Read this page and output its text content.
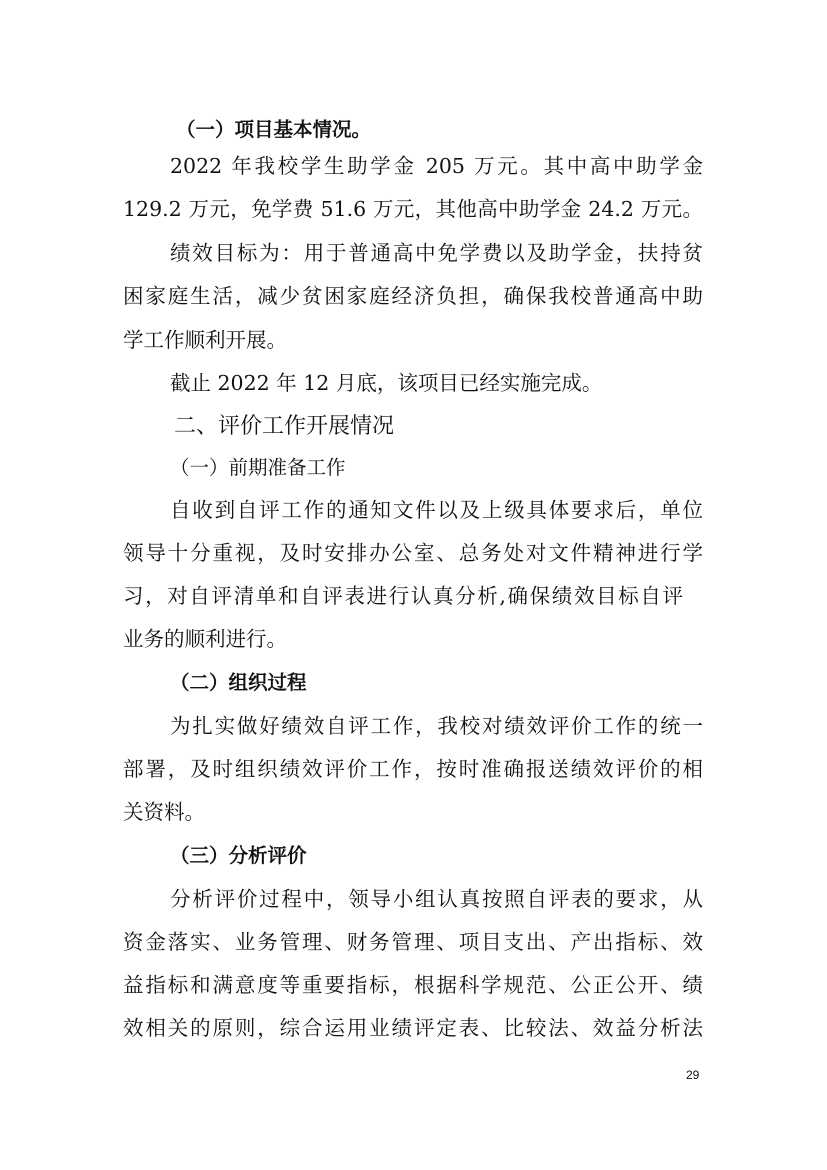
（一）项目基本情况。
2022 年我校学生助学金 205 万元。其中高中助学金
129.2 万元，免学费 51.6 万元，其他高中助学金 24.2 万元。
绩效目标为：用于普通高中免学费以及助学金，扶持贫
困家庭生活，减少贫困家庭经济负担，确保我校普通高中助
学工作顺利开展。
截止 2022 年 12 月底，该项目已经实施完成。
二、评价工作开展情况
（一）前期准备工作
自收到自评工作的通知文件以及上级具体要求后，单位
领导十分重视，及时安排办公室、总务处对文件精神进行学
习，对自评清单和自评表进行认真分析,确保绩效目标自评
业务的顺利进行。
（二）组织过程
为扎实做好绩效自评工作，我校对绩效评价工作的统一
部署，及时组织绩效评价工作，按时准确报送绩效评价的相
关资料。
（三）分析评价
分析评价过程中，领导小组认真按照自评表的要求，从
资金落实、业务管理、财务管理、项目支出、产出指标、效
益指标和满意度等重要指标，根据科学规范、公正公开、绩
效相关的原则，综合运用业绩评定表、比较法、效益分析法
29
